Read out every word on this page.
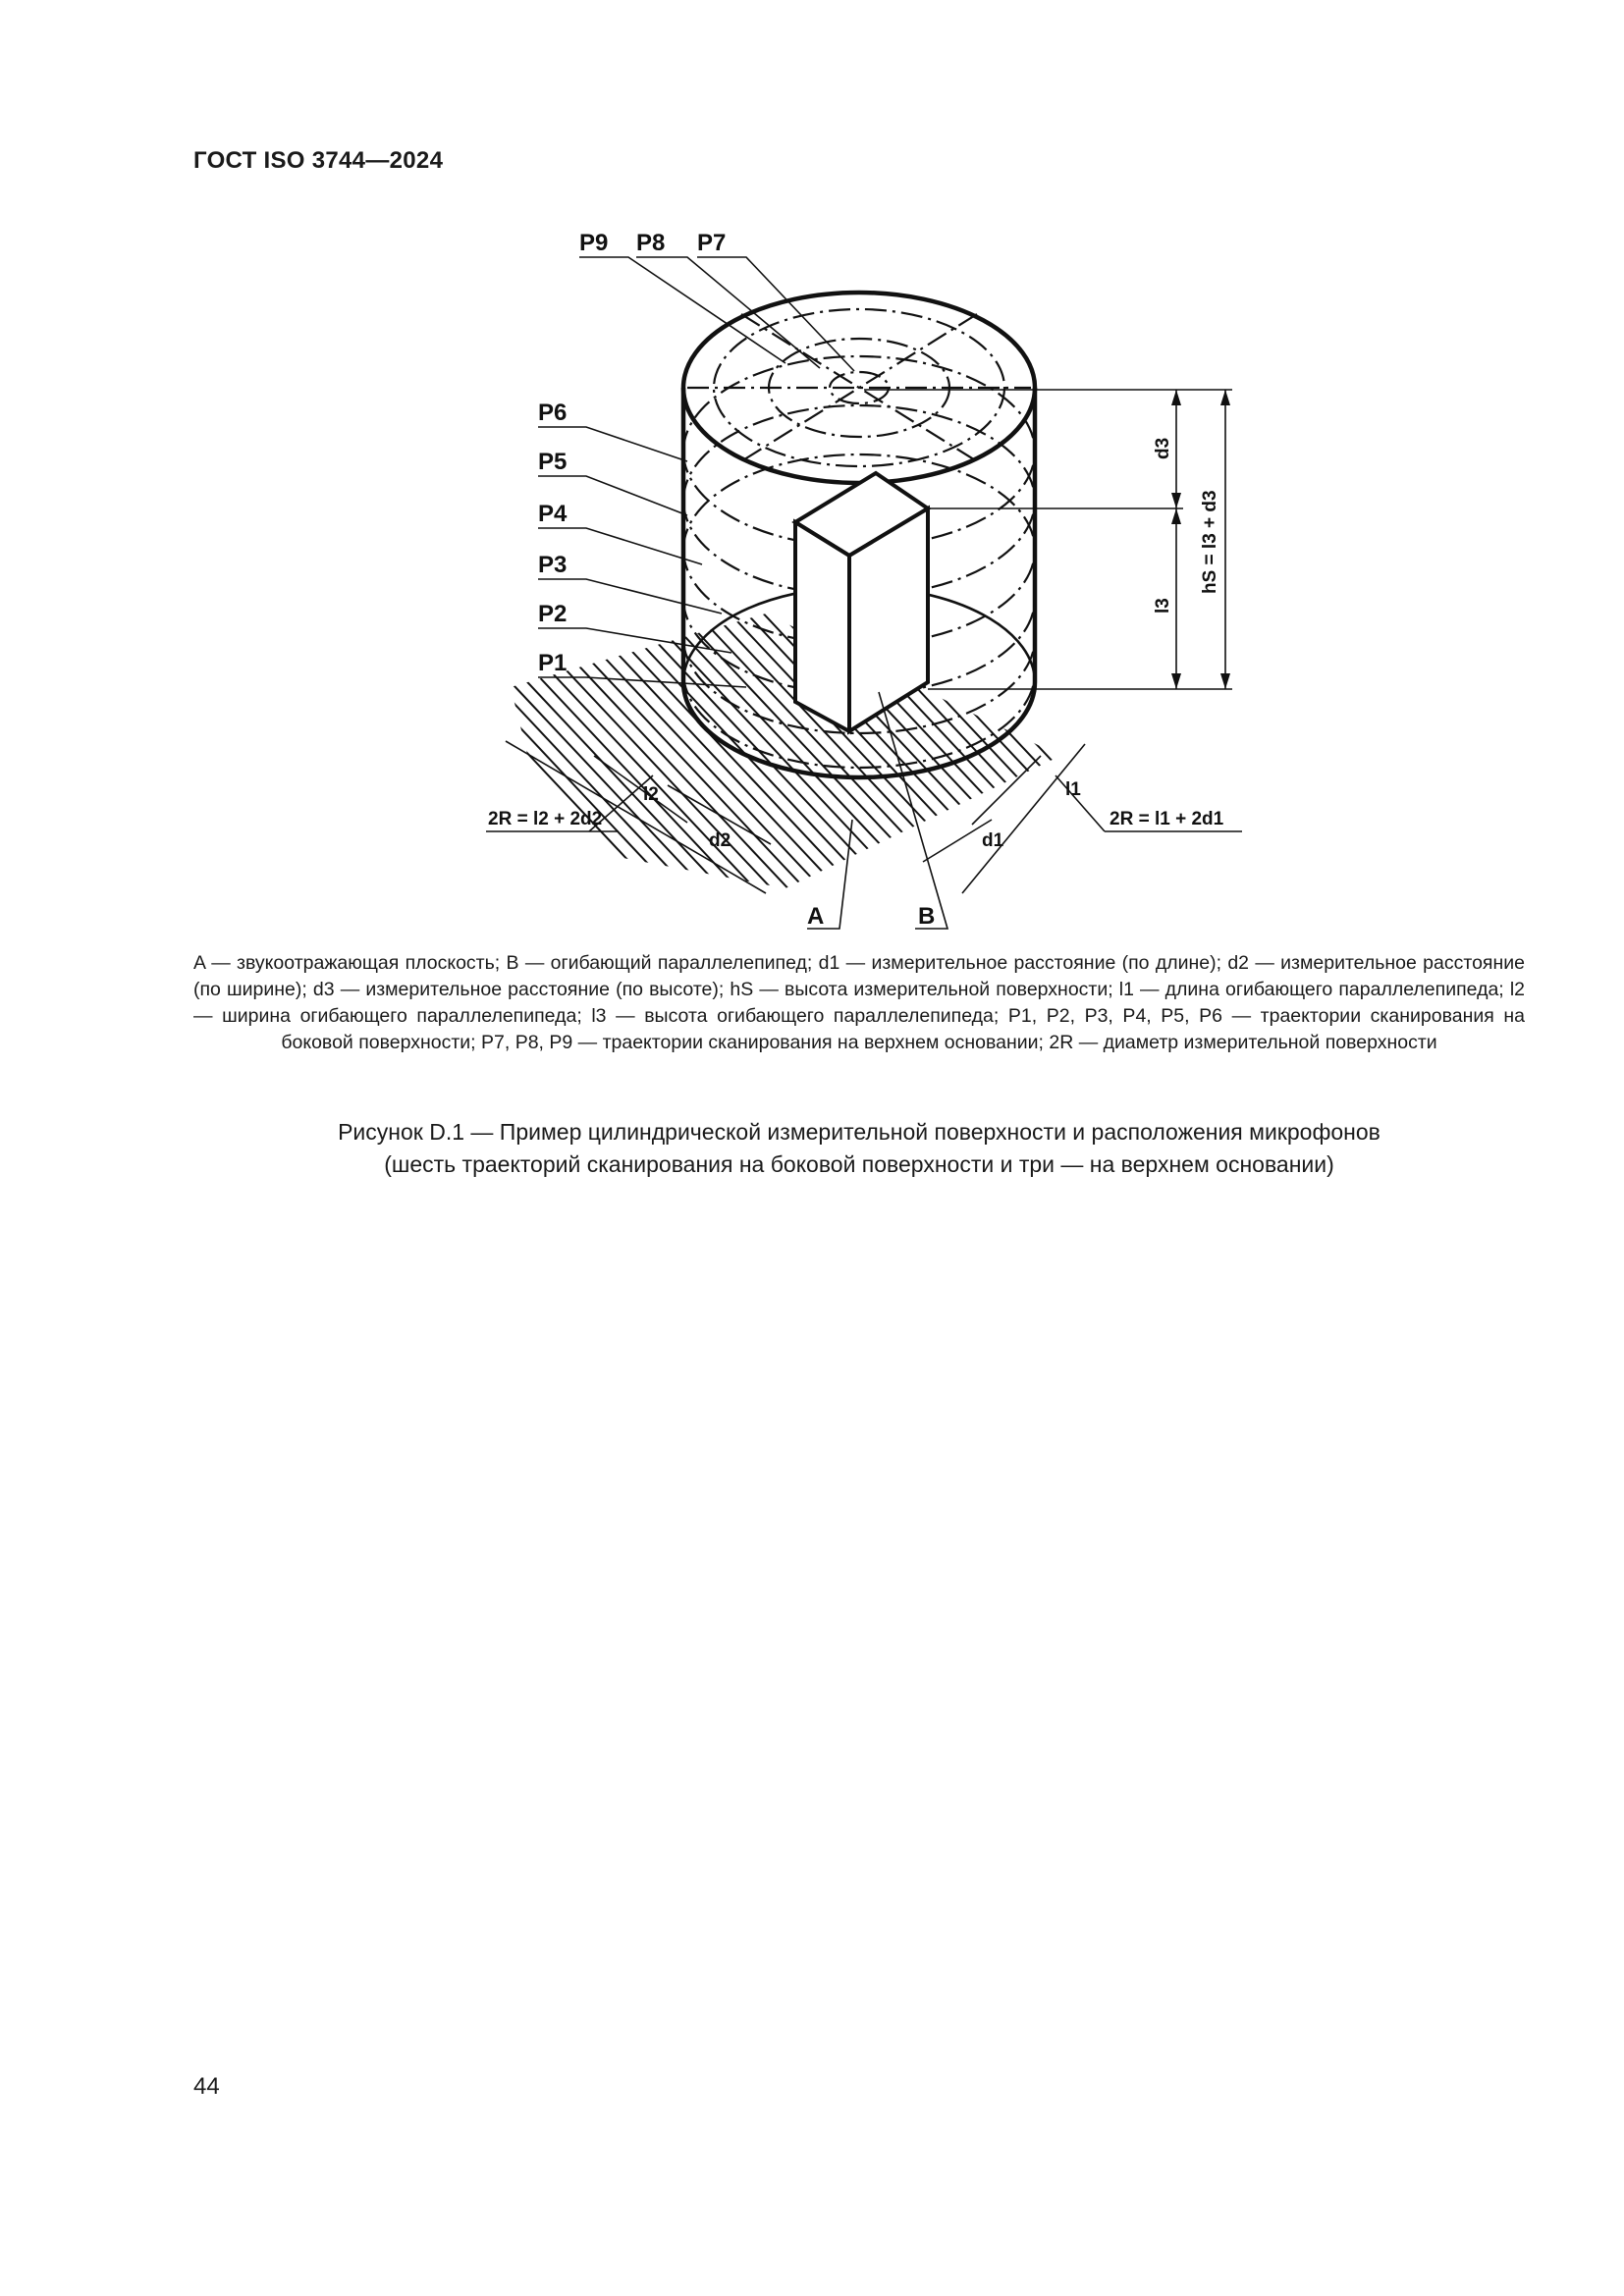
ГОСТ ISO 3744—2024
d3
l3
hS = l3 + d3
l2
d2
l1
d1
2R = l2 + 2d2	2R = l1 + 2d1
P9 P8 P7
P6
P5
P4
P3
P2
P1
A	B
A — звукоотражающая плоскость; B — огибающий параллелепипед; d1 — измерительное расстояние (по длине); d2 — измерительное расстояние (по ширине); d3 — измерительное расстояние (по высоте); hS — высота измерительной поверхности; l1 — длина огибающего параллелепипеда; l2 — ширина огибающего параллелепипеда; l3 — высота огибающего параллелепипеда; P1, P2, P3, P4, P5, P6 — траектории сканирования на боковой поверхности; P7, P8, P9 — траектории сканирования на верхнем основании; 2R — диаметр измерительной поверхности
Рисунок D.1 — Пример цилиндрической измерительной поверхности и расположения микрофонов
(шесть траекторий сканирования на боковой поверхности и три — на верхнем основании)
44
